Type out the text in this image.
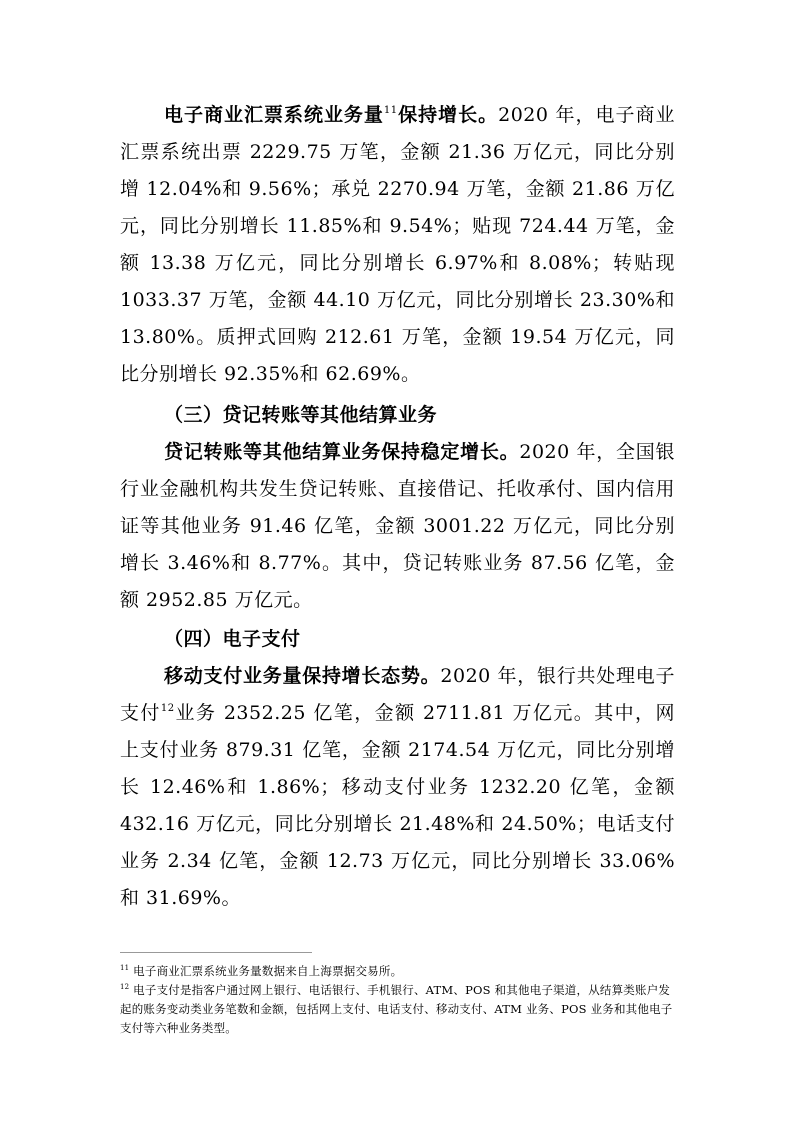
电子商业汇票系统业务量$^{11}$保持增长。2020 年，电子商业汇票系统出票 2229.75 万笔，金额 21.36 万亿元，同比分别增 12.04%和 9.56%；承兑 2270.94 万笔，金额 21.86 万亿元，同比分别增长 11.85%和 9.54%；贴现 724.44 万笔，金额 13.38 万亿元，同比分别增长 6.97%和 8.08%；转贴现 1033.37 万笔，金额 44.10 万亿元，同比分别增长 23.30%和 13.80%。质押式回购 212.61 万笔，金额 19.54 万亿元，同比分别增长 92.35%和 62.69%。

（三）贷记转账等其他结算业务

贷记转账等其他结算业务保持稳定增长。2020 年，全国银行业金融机构共发生贷记转账、直接借记、托收承付、国内信用证等其他业务 91.46 亿笔，金额 3001.22 万亿元，同比分别增长 3.46%和 8.77%。其中，贷记转账业务 87.56 亿笔，金额 2952.85 万亿元。

（四）电子支付

移动支付业务量保持增长态势。2020 年，银行共处理电子支付$^{12}$业务 2352.25 亿笔，金额 2711.81 万亿元。其中，网上支付业务 879.31 亿笔，金额 2174.54 万亿元，同比分别增长 12.46%和 1.86%；移动支付业务 1232.20 亿笔，金额 432.16 万亿元，同比分别增长 21.48%和 24.50%；电话支付业务 2.34 亿笔，金额 12.73 万亿元，同比分别增长 33.06%和 31.69%。

$^{11}$ 电子商业汇票系统业务量数据来自上海票据交易所。

$^{12}$ 电子支付是指客户通过网上银行、电话银行、手机银行、ATM、POS 和其他电子渠道，从结算类账户发起的账务变动类业务笔数和金额，包括网上支付、电话支付、移动支付、ATM 业务、POS 业务和其他电子支付等六种业务类型。
